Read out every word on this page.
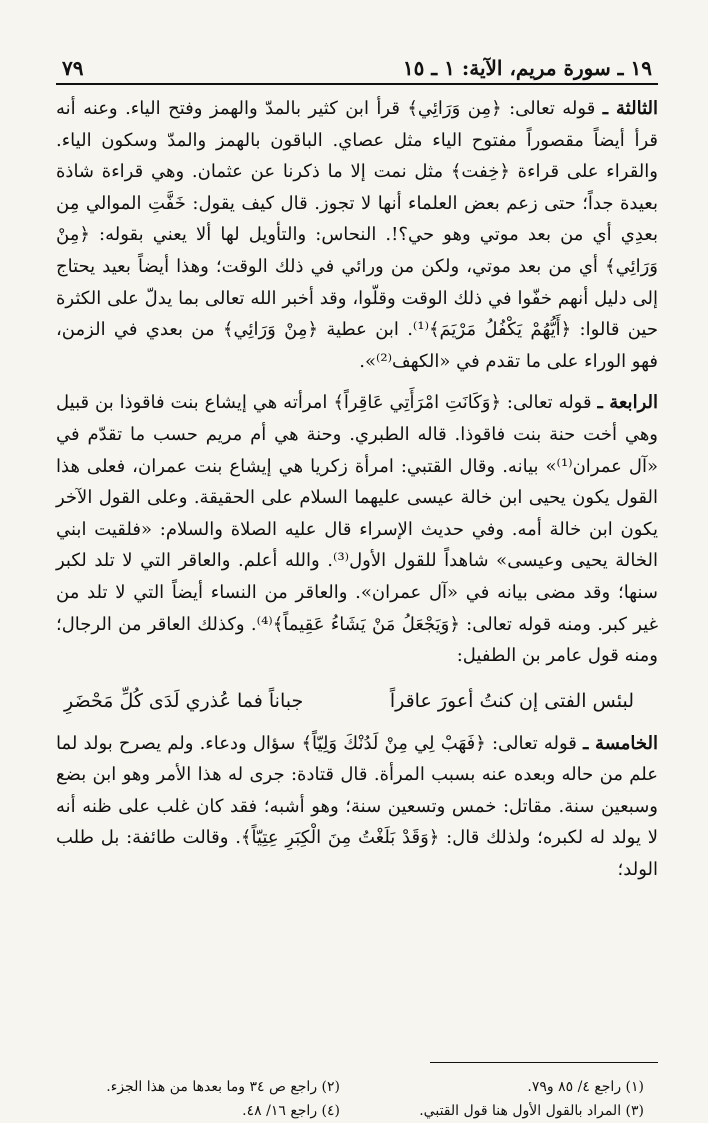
١٩ ـ سورة مريم، الآية: ١ ـ ١٥
٧٩

الثالثة ـ قوله تعالى: ﴿مِن وَرَائِي﴾ قرأ ابن كثير بالمدّ والهمز وفتح الياء. وعنه أنه قرأ أيضاً مقصوراً مفتوح الياء مثل عصاي. الباقون بالهمز والمدّ وسكون الياء. والقراء على قراءة ﴿خِفت﴾ مثل نمت إلا ما ذكرنا عن عثمان. وهي قراءة شاذة بعيدة جداً؛ حتى زعم بعض العلماء أنها لا تجوز. قال كيف يقول: خَفَّتِ الموالي مِن بعدِي أي من بعد موتي وهو حي؟!. النحاس: والتأويل لها ألا يعني بقوله: ﴿مِنْ وَرَائِي﴾ أي من بعد موتي، ولكن من ورائي في ذلك الوقت؛ وهذا أيضاً بعيد يحتاج إلى دليل أنهم خفّوا في ذلك الوقت وقلّوا، وقد أخبر الله تعالى بما يدلّ على الكثرة حين قالوا: ﴿أَيُّهُمْ يَكْفُلُ مَرْيَمَ﴾⁽¹⁾. ابن عطية ﴿مِنْ وَرَائِي﴾ من بعدي في الزمن، فهو الوراء على ما تقدم في «الكهف⁽²⁾».

الرابعة ـ قوله تعالى: ﴿وَكَانَتِ امْرَأَتِي عَاقِراً﴾ امرأته هي إيشاع بنت فاقوذا بن قبيل وهي أخت حنة بنت فاقوذا. قاله الطبري. وحنة هي أم مريم حسب ما تقدّم في «آل عمران⁽¹⁾» بيانه. وقال القتبي: امرأة زكريا هي إيشاع بنت عمران، فعلى هذا القول يكون يحيى ابن خالة عيسى عليهما السلام على الحقيقة. وعلى القول الآخر يكون ابن خالة أمه. وفي حديث الإسراء قال عليه الصلاة والسلام: «فلقيت ابني الخالة يحيى وعيسى» شاهداً للقول الأول⁽³⁾. والله أعلم. والعاقر التي لا تلد لكبر سنها؛ وقد مضى بيانه في «آل عمران». والعاقر من النساء أيضاً التي لا تلد من غير كبر. ومنه قوله تعالى: ﴿وَيَجْعَلُ مَنْ يَشَاءُ عَقِيماً﴾⁽⁴⁾. وكذلك العاقر من الرجال؛ ومنه قول عامر بن الطفيل:

لبئس الفتى إن كنتُ أعورَ عاقراً
جباناً فما عُذري لَدَى كُلِّ مَحْضَرِ

الخامسة ـ قوله تعالى: ﴿فَهَبْ لِي مِنْ لَدُنْكَ وَلِيّاً﴾ سؤال ودعاء. ولم يصرح بولد لما علم من حاله وبعده عنه بسبب المرأة. قال قتادة: جرى له هذا الأمر وهو ابن بضع وسبعين سنة. مقاتل: خمس وتسعين سنة؛ وهو أشبه؛ فقد كان غلب على ظنه أنه لا يولد له لكبره؛ ولذلك قال: ﴿وَقَدْ بَلَغْتُ مِنَ الْكِبَرِ عِتِيّاً﴾. وقالت طائفة: بل طلب الولد؛

(١) راجع ٤/ ٨٥ و٧٩.
(٢) راجع ص ٣٤ وما بعدها من هذا الجزء.
(٣) المراد بالقول الأول هنا قول القتبي.
(٤) راجع ١٦/ ٤٨.
